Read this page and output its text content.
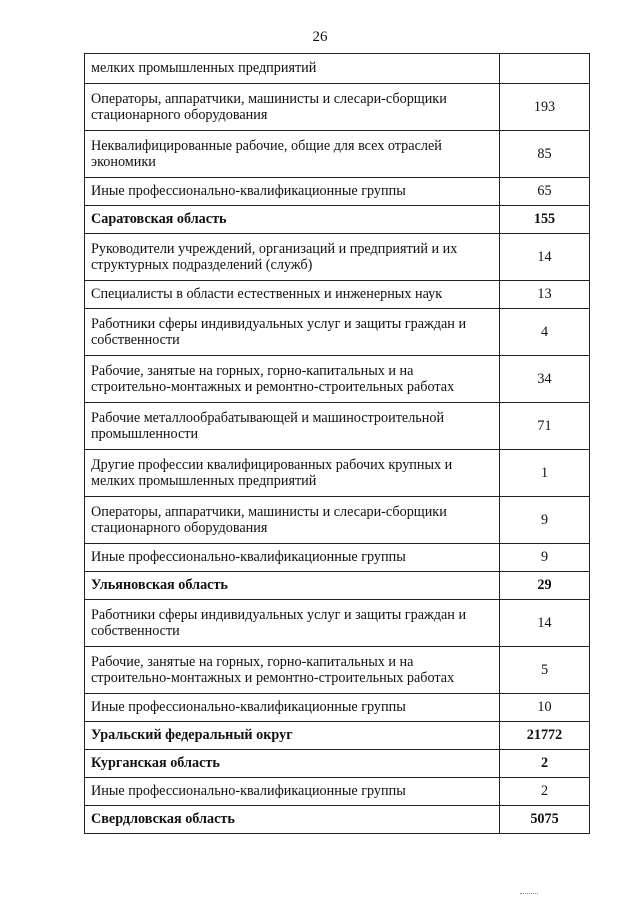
26
мелких промышленных предприятий	
Операторы, аппаратчики, машинисты и слесари-сборщики стационарного оборудования	193
Неквалифицированные рабочие, общие для всех отраслей экономики	85
Иные профессионально-квалификационные группы	65
Саратовская область	155
Руководители учреждений, организаций и предприятий и их структурных подразделений (служб)	14
Специалисты в области естественных и инженерных наук	13
Работники сферы индивидуальных услуг и защиты граждан и собственности	4
Рабочие, занятые на горных, горно-капитальных и на строительно-монтажных и ремонтно-строительных работах	34
Рабочие металлообрабатывающей и машиностроительной промышленности	71
Другие профессии квалифицированных рабочих крупных и мелких промышленных предприятий	1
Операторы, аппаратчики, машинисты и слесари-сборщики стационарного оборудования	9
Иные профессионально-квалификационные группы	9
Ульяновская область	29
Работники сферы индивидуальных услуг и защиты граждан и собственности	14
Рабочие, занятые на горных, горно-капитальных и на строительно-монтажных и ремонтно-строительных работах	5
Иные профессионально-квалификационные группы	10
Уральский федеральный округ	21772
Курганская область	2
Иные профессионально-квалификационные группы	2
Свердловская область	5075
